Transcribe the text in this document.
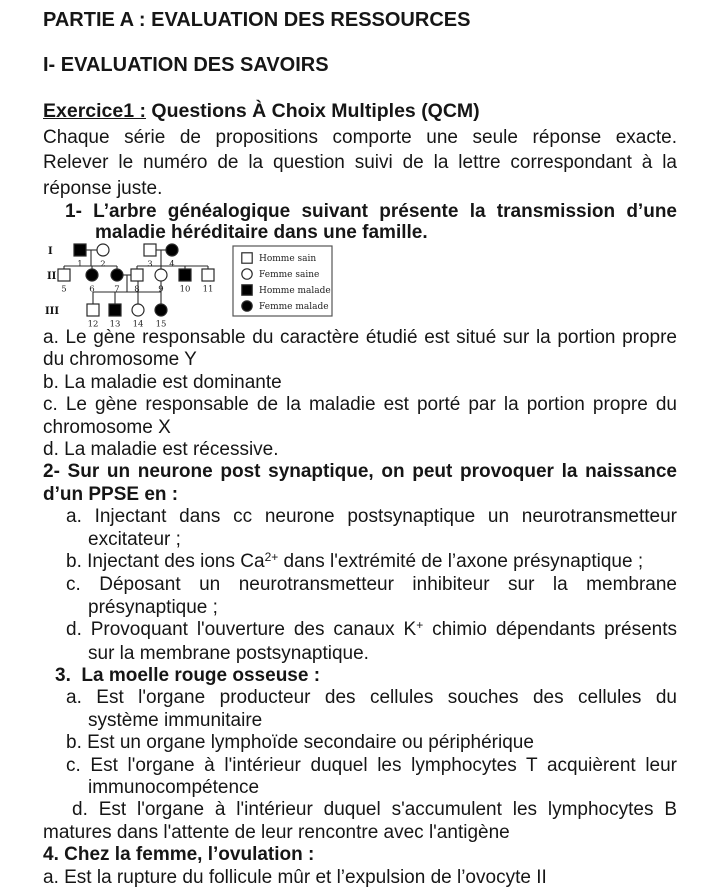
PARTIE A : EVALUATION DES RESSOURCES
I- EVALUATION DES SAVOIRS
Exercice1 : Questions À Choix Multiples (QCM)
Chaque série de propositions comporte une seule réponse exacte.
Relever le numéro de la question suivi de la lettre correspondant à la
réponse juste.
1- L’arbre généalogique suivant présente la transmission d’une
maladie héréditaire dans une famille.
1 2	3 4
5	6 7 8 9 10 11
12 13 14 15
I
II
III
Homme sain
Femme saine
Homme malade
Femme malade
a. Le gène responsable du caractère étudié est situé sur la portion propre
du chromosome Y
b. La maladie est dominante
c. Le gène responsable de la maladie est porté par la portion propre du
chromosome X
d. La maladie est récessive.
2- Sur un neurone post synaptique, on peut provoquer la naissance
d’un PPSE en :
a. Injectant dans cc neurone postsynaptique un neurotransmetteur
excitateur ;
b. Injectant des ions $Ca^{2+}$ dans l'extrémité de l’axone présynaptique ;
c. Déposant un neurotransmetteur inhibiteur sur la membrane
présynaptique ;
d. Provoquant l'ouverture des canaux K+ chimio dépendants présents
sur la membrane postsynaptique.
3.  La moelle rouge osseuse :
a. Est l'organe producteur des cellules souches des cellules du
système immunitaire
b. Est un organe lymphoïde secondaire ou périphérique
c. Est l'organe à l'intérieur duquel les lymphocytes T acquièrent leur
immunocompétence
d. Est l'organe à l'intérieur duquel s'accumulent les lymphocytes B
matures dans l'attente de leur rencontre avec l'antigène
4. Chez la femme, l’ovulation :
a. Est la rupture du follicule mûr et l’expulsion de l’ovocyte II
